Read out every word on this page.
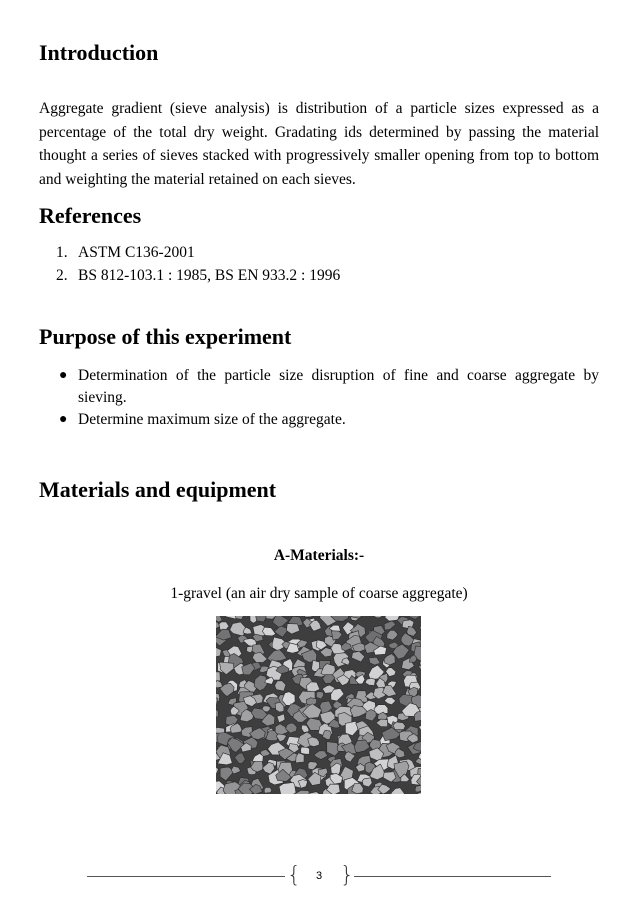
Introduction

Aggregate gradient (sieve analysis) is distribution of a particle sizes expressed as a percentage of the total dry weight. Gradating ids determined by passing the material thought a series of sieves stacked with progressively smaller opening from top to bottom and weighting the material retained on each sieves.

References
1. ASTM C136-2001
2. BS 812-103.1 : 1985, BS EN 933.2 : 1996
Purpose of this experiment
● Determination of the particle size disruption of fine and coarse aggregate by sieving.
● Determine maximum size of the aggregate.
Materials and equipment

A-Materials:-

1-gravel (an air dry sample of coarse aggregate)

{	3 }
